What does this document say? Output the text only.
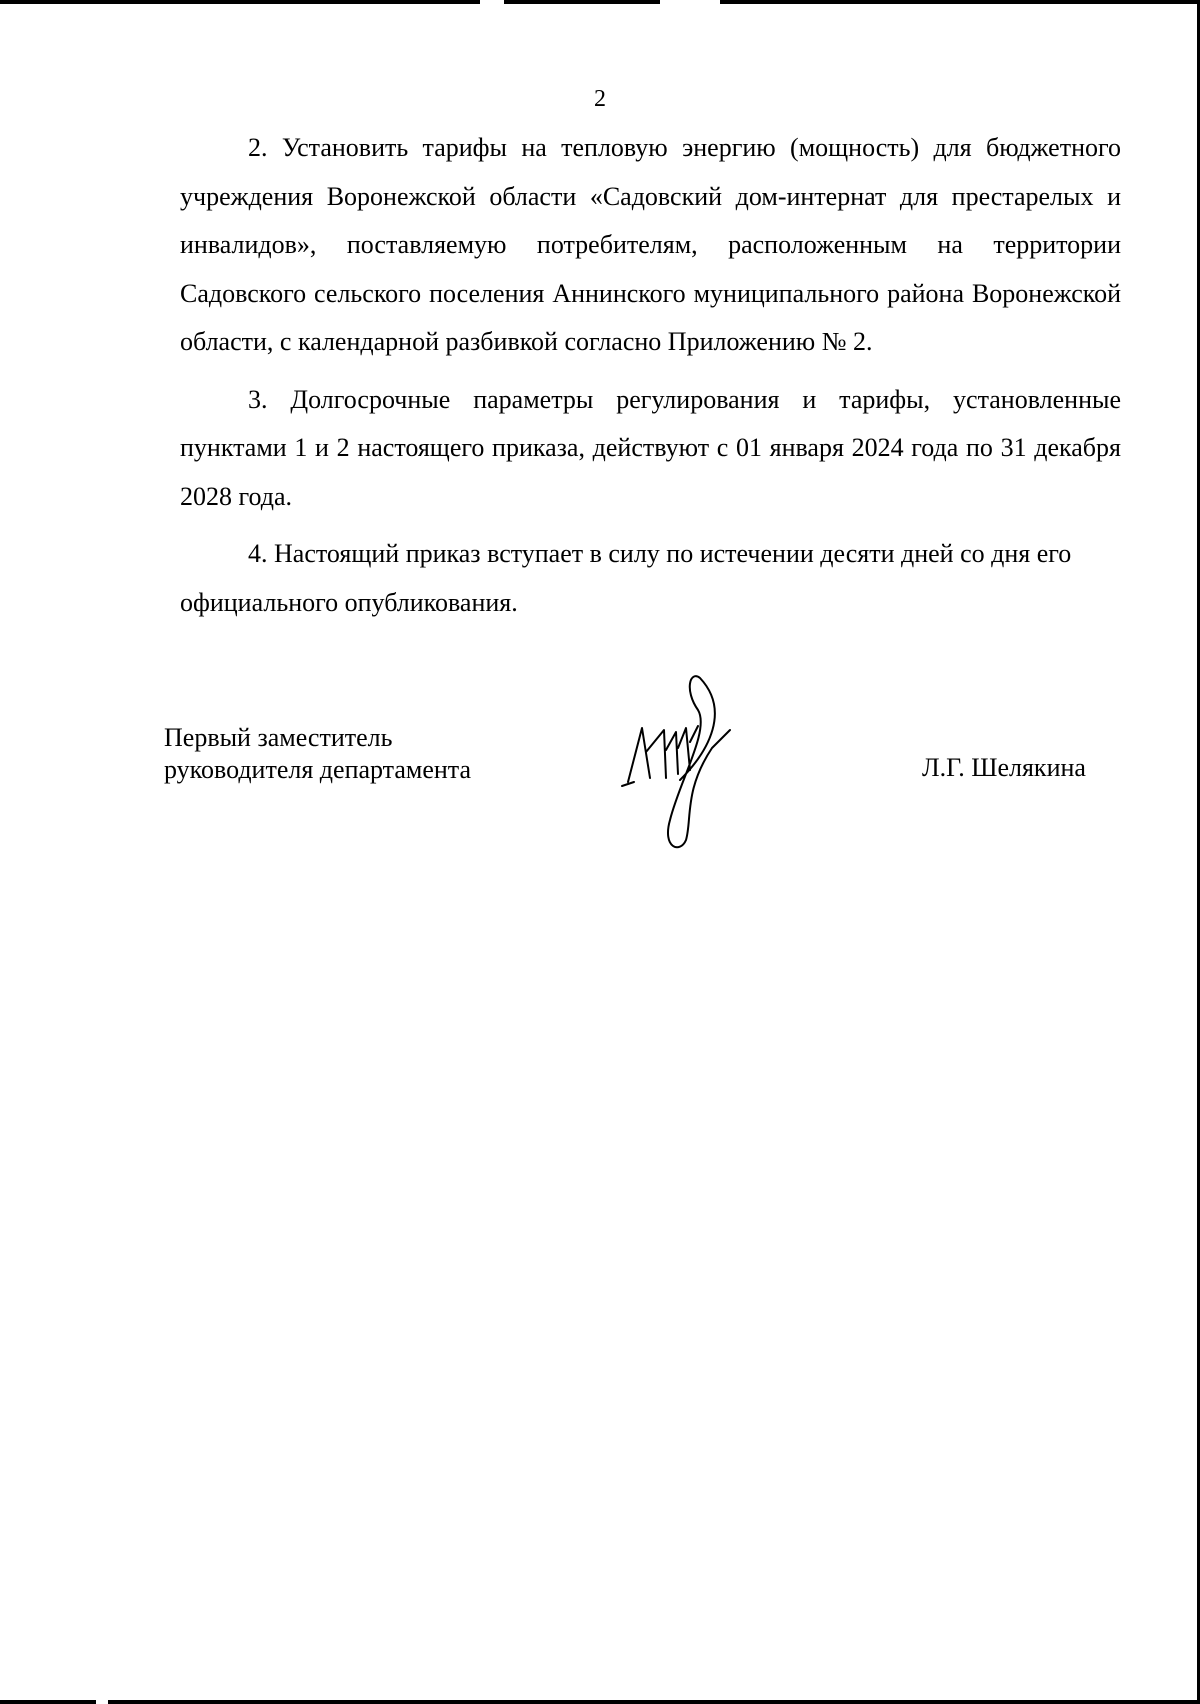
2

2. Установить тарифы на тепловую энергию (мощность) для бюджетного учреждения Воронежской области «Садовский дом-интернат для престарелых и инвалидов», поставляемую потребителям, расположенным на территории Садовского сельского поселения Аннинского муниципального района Воронежской области, с календарной разбивкой согласно Приложению № 2.

3. Долгосрочные параметры регулирования и тарифы, установленные пунктами 1 и 2 настоящего приказа, действуют с 01 января 2024 года по 31 декабря 2028 года.

4. Настоящий приказ вступает в силу по истечении десяти дней со дня его официального опубликования.

Первый заместитель
руководителя департамента	Л.Г. Шелякина
